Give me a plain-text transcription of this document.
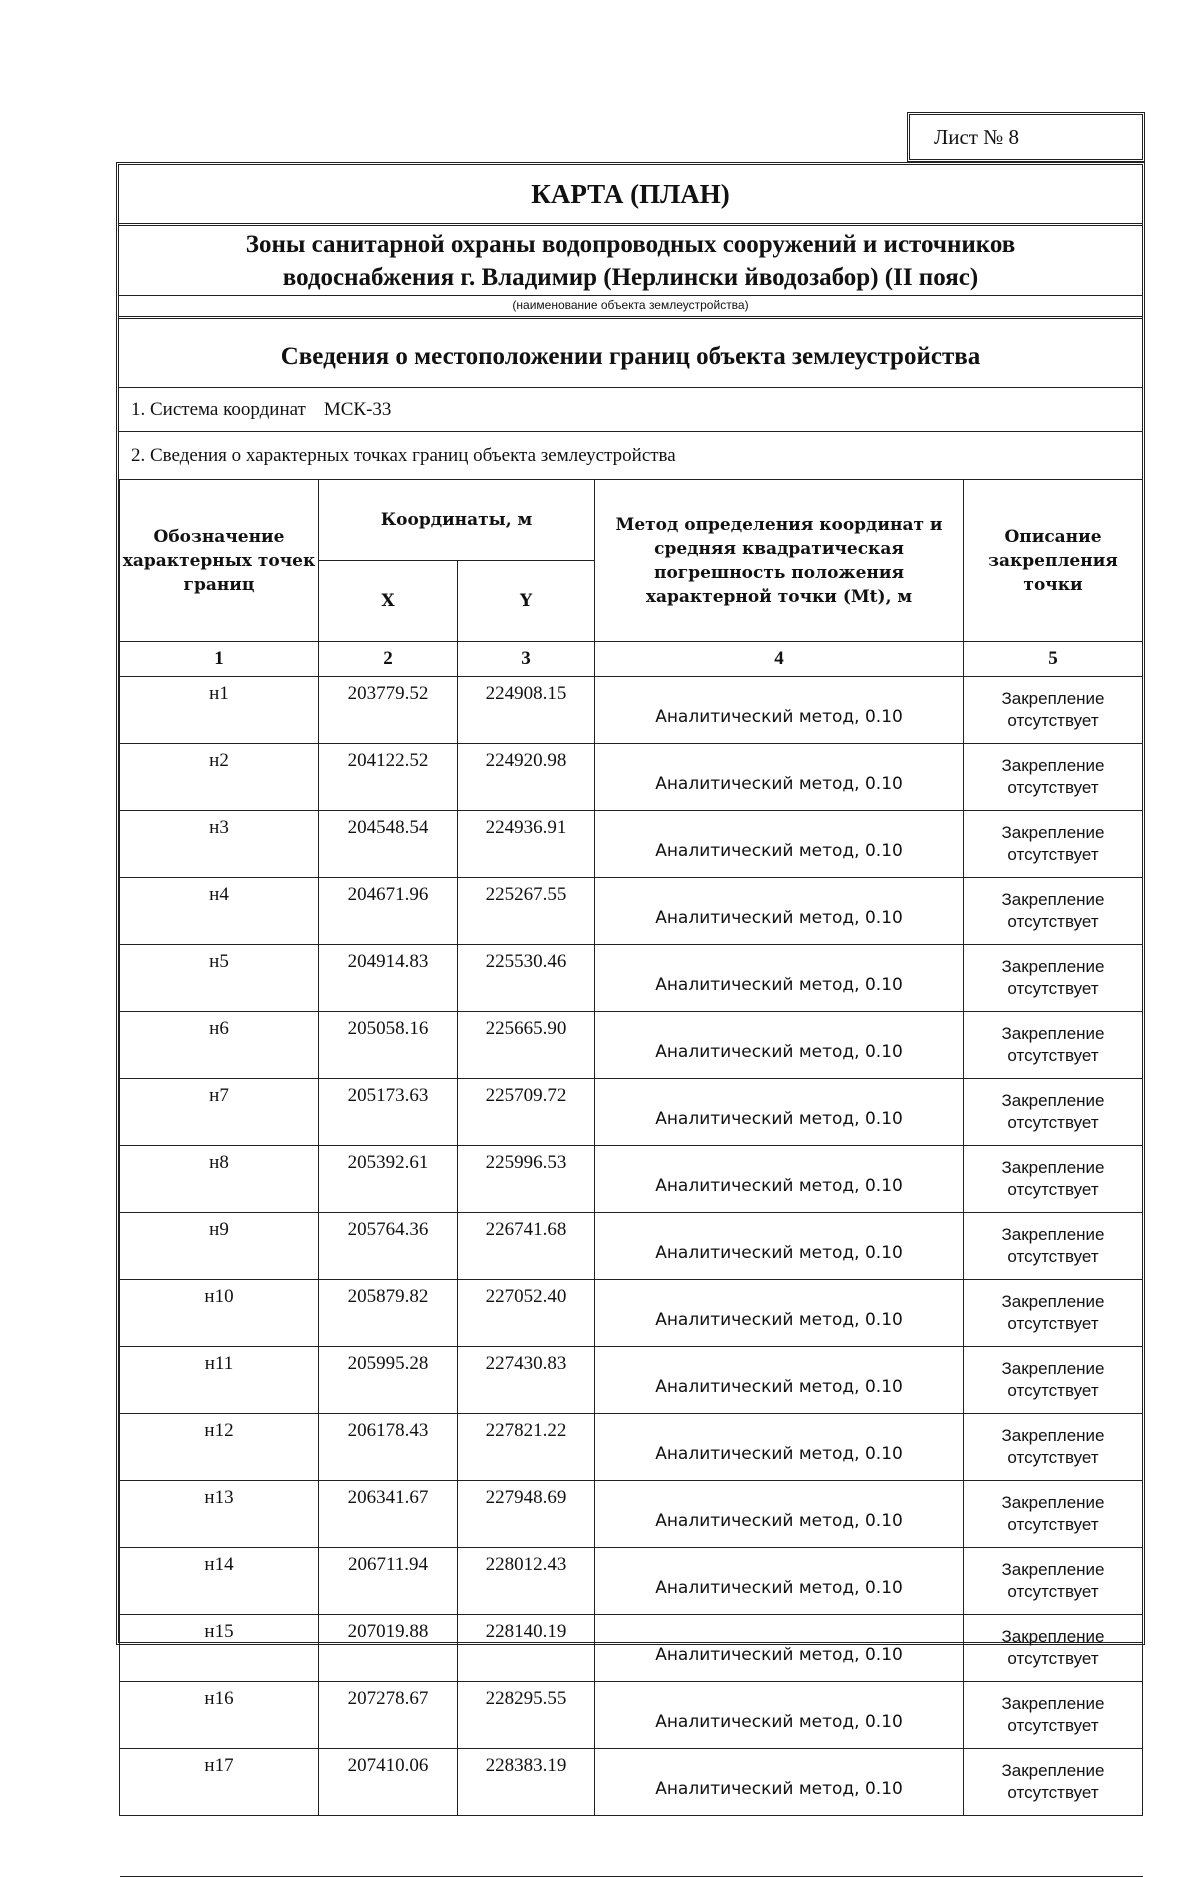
Лист № 8
КАРТА (ПЛАН)
Зоны санитарной охраны водопроводных сооружений и источников
водоснабжения г. Владимир (Нерлински йводозабор) (II пояс)
(наименование объекта землеустройства)
Сведения о местоположении границ объекта землеустройства
1. Система координат МСК-33
2. Сведения о характерных точках границ объекта землеустройства
Обозначение характерных точек границ	Координаты, м		Метод определения координат и средняя квадратическая погрешность положения характерной точки (Mt), м	Описание закрепления точки
	X	Y		
1	2	3	4	5
н1	203779.52	224908.15	Аналитический метод, 0.10	Закрепление
отсутствует

н2	204122.52	224920.98	Аналитический метод, 0.10	Закрепление
отсутствует

н3	204548.54	224936.91	Аналитический метод, 0.10	Закрепление
отсутствует

н4	204671.96	225267.55	Аналитический метод, 0.10	Закрепление
отсутствует

н5	204914.83	225530.46	Аналитический метод, 0.10	Закрепление
отсутствует

н6	205058.16	225665.90	Аналитический метод, 0.10	Закрепление
отсутствует

н7	205173.63	225709.72	Аналитический метод, 0.10	Закрепление
отсутствует

н8	205392.61	225996.53	Аналитический метод, 0.10	Закрепление
отсутствует

н9	205764.36	226741.68	Аналитический метод, 0.10	Закрепление
отсутствует

н10	205879.82	227052.40	Аналитический метод, 0.10	Закрепление
отсутствует

н11	205995.28	227430.83	Аналитический метод, 0.10	Закрепление
отсутствует

н12	206178.43	227821.22	Аналитический метод, 0.10	Закрепление
отсутствует

н13	206341.67	227948.69	Аналитический метод, 0.10	Закрепление
отсутствует

н14	206711.94	228012.43	Аналитический метод, 0.10	Закрепление
отсутствует

н15	207019.88	228140.19	Аналитический метод, 0.10	Закрепление
отсутствует

н16	207278.67	228295.55	Аналитический метод, 0.10	Закрепление
отсутствует

н17	207410.06	228383.19	Аналитический метод, 0.10	Закрепление
отсутствует
